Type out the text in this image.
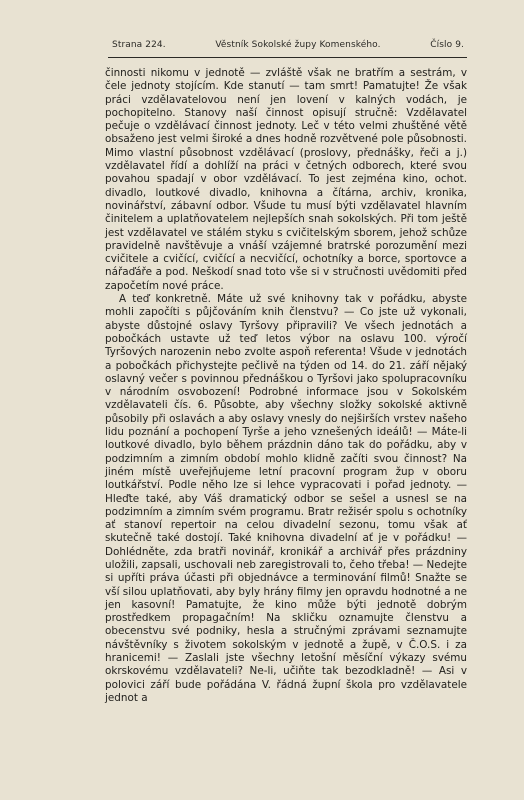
Strana 224.	Věstník Sokolské župy Komenského.	Číslo 9.

činnosti nikomu v jednotě — zvláště však ne bratřím a sestrám, v čele jednoty stojícím. Kde stanutí — tam smrt! Pamatujte! Že však práci vzdělavatelovou není jen lovení v kalných vodách, je pochopitelno. Stanovy naší činnost opisují stručně: Vzdělavatel pečuje o vzdělávací činnost jednoty. Leč v této velmi zhuštěné větě obsaženo jest velmi široké a dnes hodně rozvětvené pole působnosti. Mimo vlastní působnost vzdělávací (proslovy, přednášky, řeči a j.) vzdělavatel řídí a dohlíží na práci v četných odborech, které svou povahou spadají v obor vzdělávací. To jest zejména kino, ochot. divadlo, loutkové divadlo, knihovna a čítárna, archiv, kronika, novinářství, zábavní odbor. Všude tu musí býti vzdělavatel hlavním činitelem a uplatňovatelem nejlepších snah sokolských. Při tom ještě jest vzdělavatel ve stálém styku s cvičitelským sborem, jehož schůze pravidelně navštěvuje a vnáší vzájemné bratrské porozumění mezi cvičitele a cvičící, cvičící a necvičící, ochotníky a borce, sportovce a nářaďáře a pod. Neškodí snad toto vše si v stručnosti uvědomiti před započetím nové práce.

A teď konkretně. Máte už své knihovny tak v pořádku, abyste mohli započíti s půjčováním knih členstvu? — Co jste už vykonali, abyste důstojné oslavy Tyršovy připravili? Ve všech jednotách a pobočkách ustavte už teď letos výbor na oslavu 100. výročí Tyršových narozenin nebo zvolte aspoň referenta! Všude v jednotách a pobočkách přichystejte pečlivě na týden od 14. do 21. září nějaký oslavný večer s povinnou přednáškou o Tyršovi jako spolupracovníku v národním osvobození! Podrobné informace jsou v Sokolském vzdělavateli čís. 6. Působte, aby všechny složky sokolské aktivně působily při oslavách a aby oslavy vnesly do nejširších vrstev našeho lidu poznání a pochopení Tyrše a jeho vznešených ideálů! — Máte-li loutkové divadlo, bylo během prázdnin dáno tak do pořádku, aby v podzimním a zimním období mohlo klidně začíti svou činnost? Na jiném místě uveřejňujeme letní pracovní program žup v oboru loutkářství. Podle něho lze si lehce vypracovati i pořad jednoty. — Hleďte také, aby Váš dramatický odbor se sešel a usnesl se na podzimním a zimním svém programu. Bratr režisér spolu s ochotníky ať stanoví repertoir na celou divadelní sezonu, tomu však ať skutečně také dostojí. Také knihovna divadelní ať je v pořádku! — Dohlédněte, zda bratři novinář, kronikář a archivář přes prázdniny uložili, zapsali, uschovali neb zaregistrovali to, čeho třeba! — Nedejte si upříti práva účasti při objednávce a terminování filmů! Snažte se vší silou uplatňovati, aby byly hrány filmy jen opravdu hodnotné a ne jen kasovní! Pamatujte, že kino může býti jednotě dobrým prostředkem propagačním! Na skličku oznamujte členstvu a obecenstvu své podniky, hesla a stručnými zprávami seznamujte návštěvníky s životem sokolským v jednotě a župě, v Č.O.S. i za hranicemi! — Zaslali jste všechny letošní měsíční výkazy svému okrskovému vzdělavateli? Ne-li, učiňte tak bezodkladně! — Asi v polovici září bude pořádána V. řádná župní škola pro vzdělavatele jednot a
